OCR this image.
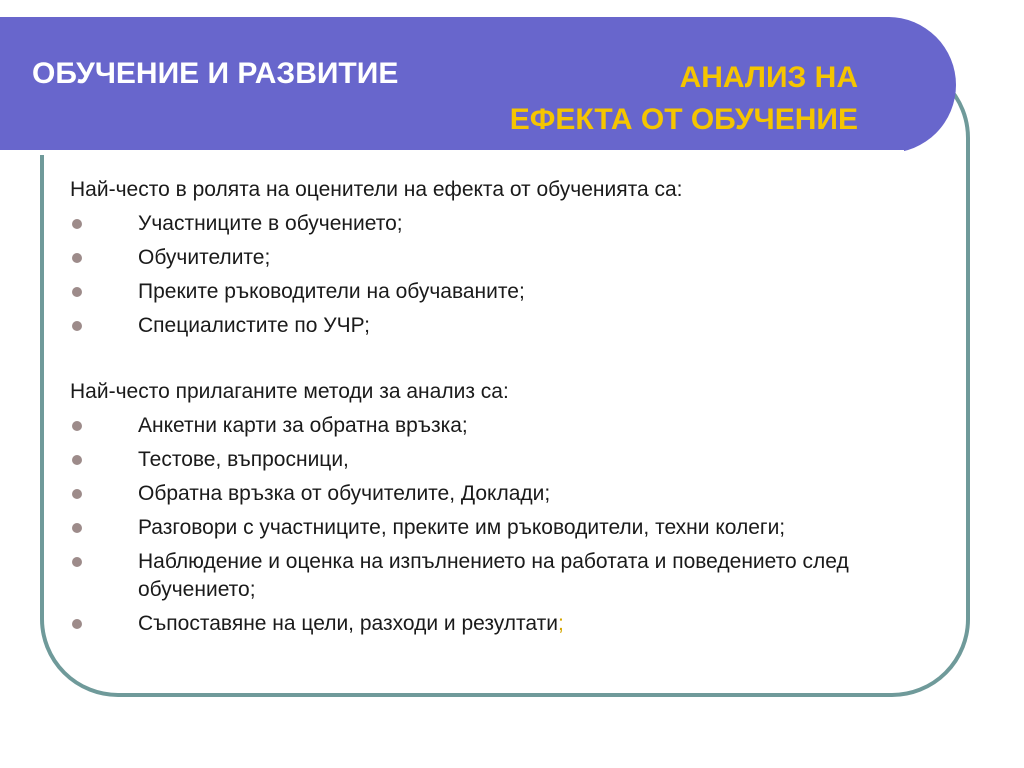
ОБУЧЕНИЕ И РАЗВИТИЕ	АНАЛИЗ НА
ЕФЕКТА ОТ ОБУЧЕНИЕ

Най-често в ролята на оценители на ефекта от обученията са:

Участниците в обучението;
Обучителите;
Преките ръководители на обучаваните;
Специалистите по УЧР;

Най-често прилаганите методи за анализ са:

Анкетни карти за обратна връзка;
Тестове, въпросници,
Обратна връзка от обучителите, Доклади;
Разговори с участниците, преките им ръководители, техни колеги;
Наблюдение и оценка на изпълнението на работата и поведението след обучението;
Съпоставяне на цели, разходи и резултати;
